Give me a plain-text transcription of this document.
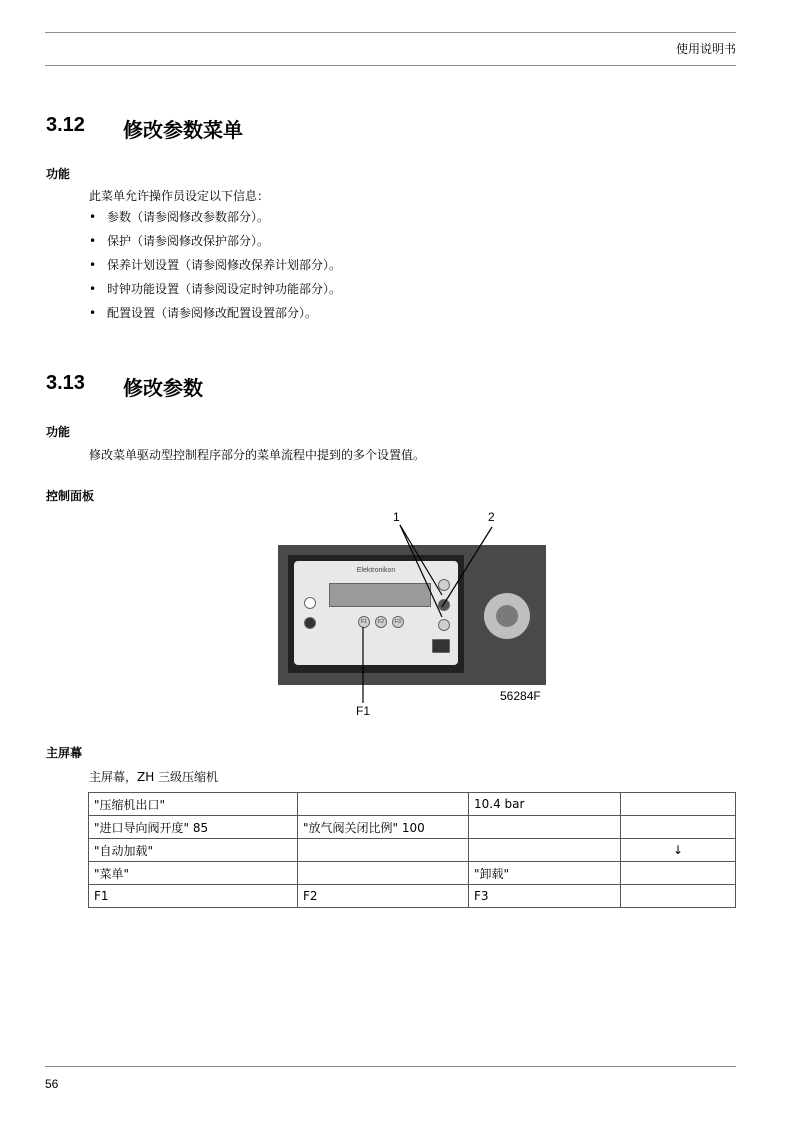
使用说明书
3.12 修改参数菜单
功能
此菜单允许操作员设定以下信息：
• 参数（请参阅修改参数部分）。
• 保护（请参阅修改保护部分）。
• 保养计划设置（请参阅修改保养计划部分）。
• 时钟功能设置（请参阅设定时钟功能部分）。
• 配置设置（请参阅修改配置设置部分）。
3.13 修改参数
功能
修改菜单驱动型控制程序部分的菜单流程中提到的多个设置值。
控制面板
Elektronikon
F1	F2	F3
1	2
F1
56284F
主屏幕
主屏幕，ZH 三级压缩机
"压缩机出口"		10.4 bar	
"进口导向阀开度" 85	"放气阀关闭比例" 100		
"自动加载"			↓
"菜单"		"卸载"	
F1	F2	F3	
56
